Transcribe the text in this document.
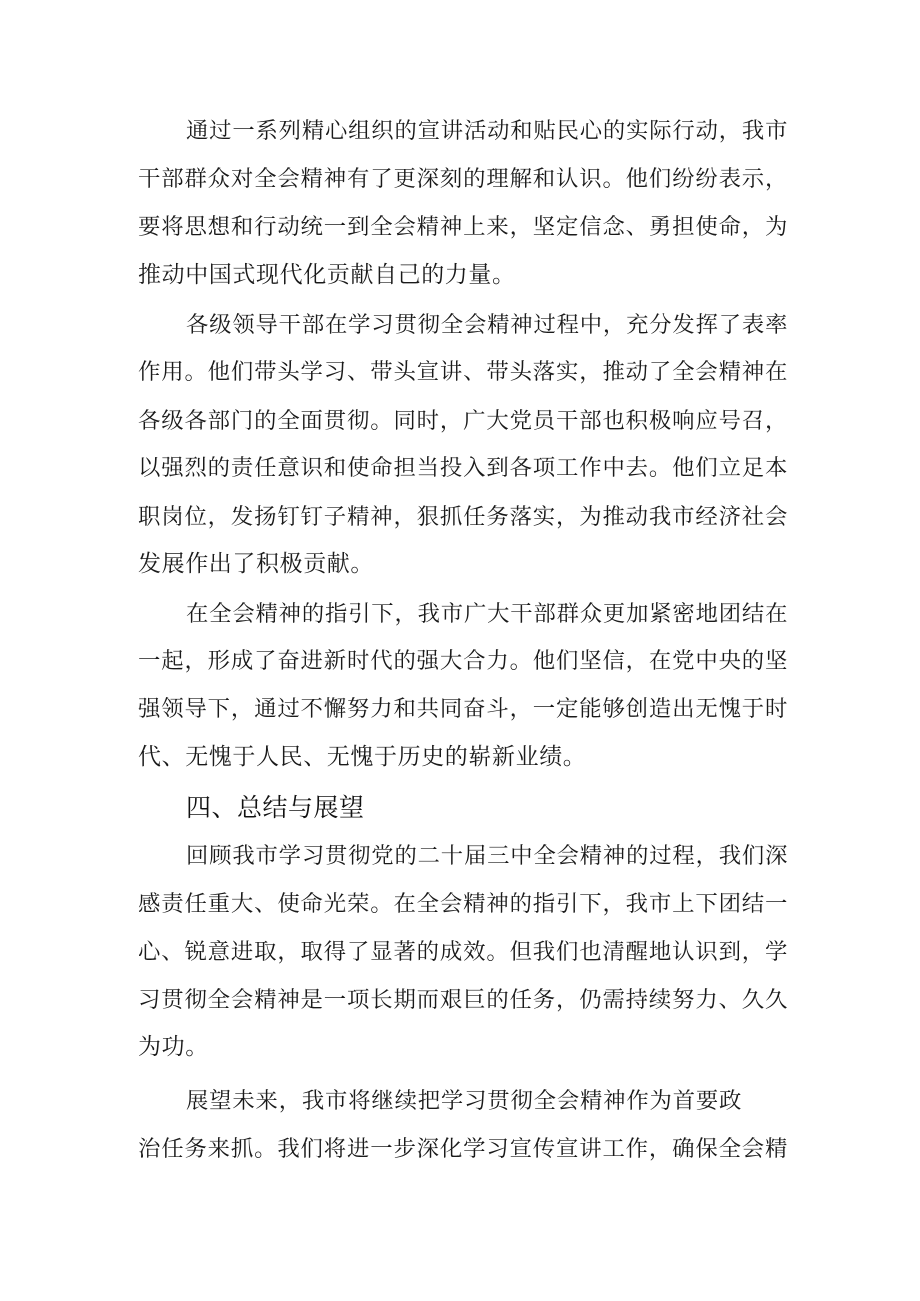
通过一系列精心组织的宣讲活动和贴民心的实际行动，我市
干部群众对全会精神有了更深刻的理解和认识。他们纷纷表示，
要将思想和行动统一到全会精神上来，坚定信念、勇担使命，为
推动中国式现代化贡献自己的力量。
各级领导干部在学习贯彻全会精神过程中，充分发挥了表率
作用。他们带头学习、带头宣讲、带头落实，推动了全会精神在
各级各部门的全面贯彻。同时，广大党员干部也积极响应号召，
以强烈的责任意识和使命担当投入到各项工作中去。他们立足本
职岗位，发扬钉钉子精神，狠抓任务落实，为推动我市经济社会
发展作出了积极贡献。
在全会精神的指引下，我市广大干部群众更加紧密地团结在
一起，形成了奋进新时代的强大合力。他们坚信，在党中央的坚
强领导下，通过不懈努力和共同奋斗，一定能够创造出无愧于时
代、无愧于人民、无愧于历史的崭新业绩。
四、总结与展望
回顾我市学习贯彻党的二十届三中全会精神的过程，我们深
感责任重大、使命光荣。在全会精神的指引下，我市上下团结一
心、锐意进取，取得了显著的成效。但我们也清醒地认识到，学
习贯彻全会精神是一项长期而艰巨的任务，仍需持续努力、久久
为功。
展望未来，我市将继续把学习贯彻全会精神作为首要政
治任务来抓。我们将进一步深化学习宣传宣讲工作，确保全会精
